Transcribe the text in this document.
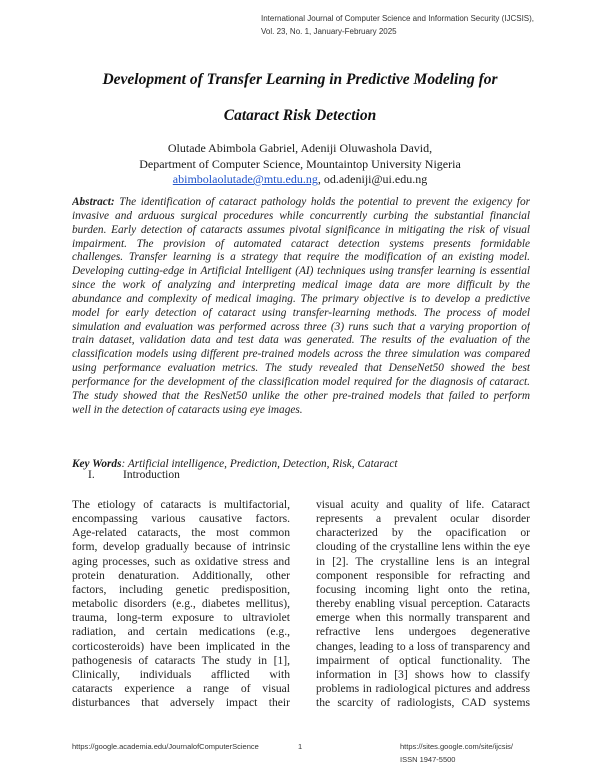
International Journal of Computer Science and Information Security (IJCSIS),
Vol. 23, No. 1, January-February 2025
Development of Transfer Learning in Predictive Modeling for
Cataract Risk Detection
Olutade Abimbola Gabriel, Adeniji Oluwashola David,
Department of Computer Science, Mountaintop University Nigeria
abimbolaolutade@mtu.edu.ng, od.adeniji@ui.edu.ng
Abstract: The identification of cataract pathology holds the potential to prevent the exigency for
invasive and arduous surgical procedures while concurrently curbing the substantial financial
burden. Early detection of cataracts assumes pivotal significance in mitigating the risk of visual
impairment. The provision of automated cataract detection systems presents formidable
challenges. Transfer learning is a strategy that require the modification of an existing model.
Developing cutting-edge in Artificial Intelligent (AI) techniques using transfer learning is essential
since the work of analyzing and interpreting medical image data are more difficult by the
abundance and complexity of medical imaging. The primary objective is to develop a predictive
model for early detection of cataract using transfer-learning methods. The process of model
simulation and evaluation was performed across three (3) runs such that a varying proportion of
train dataset, validation data and test data was generated. The results of the evaluation of the
classification models using different pre-trained models across the three simulation was compared
using performance evaluation metrics. The study revealed that DenseNet50 showed the best
performance for the development of the classification model required for the diagnosis of cataract.
The study showed that the ResNet50 unlike the other pre-trained models that failed to perform
well in the detection of cataracts using eye images.
Key Words: Artificial intelligence, Prediction, Detection, Risk, Cataract
I. Introduction
The etiology of cataracts is multifactorial,
encompassing various causative factors.
Age-related cataracts, the most common
form, develop gradually because of intrinsic
aging processes, such as oxidative stress and
protein denaturation. Additionally, other
factors, including genetic predisposition,
metabolic disorders (e.g., diabetes mellitus),
trauma, long-term exposure to ultraviolet
radiation, and certain medications (e.g.,
corticosteroids) have been implicated in the
pathogenesis of cataracts The study in [1],
Clinically, individuals afflicted with
cataracts experience a range of visual
disturbances that adversely impact their
visual acuity and quality of life. Cataract
represents a prevalent ocular disorder
characterized by the opacification or
clouding of the crystalline lens within the eye
in [2]. The crystalline lens is an integral
component responsible for refracting and
focusing incoming light onto the retina,
thereby enabling visual perception. Cataracts
emerge when this normally transparent and
refractive lens undergoes degenerative
changes, leading to a loss of transparency and
impairment of optical functionality. The
information in [3] shows how to classify
problems in radiological pictures and address
the scarcity of radiologists, CAD systems
https://google.academia.edu/JournalofComputerScience	1	https://sites.google.com/site/ijcsis/
ISSN 1947-5500
